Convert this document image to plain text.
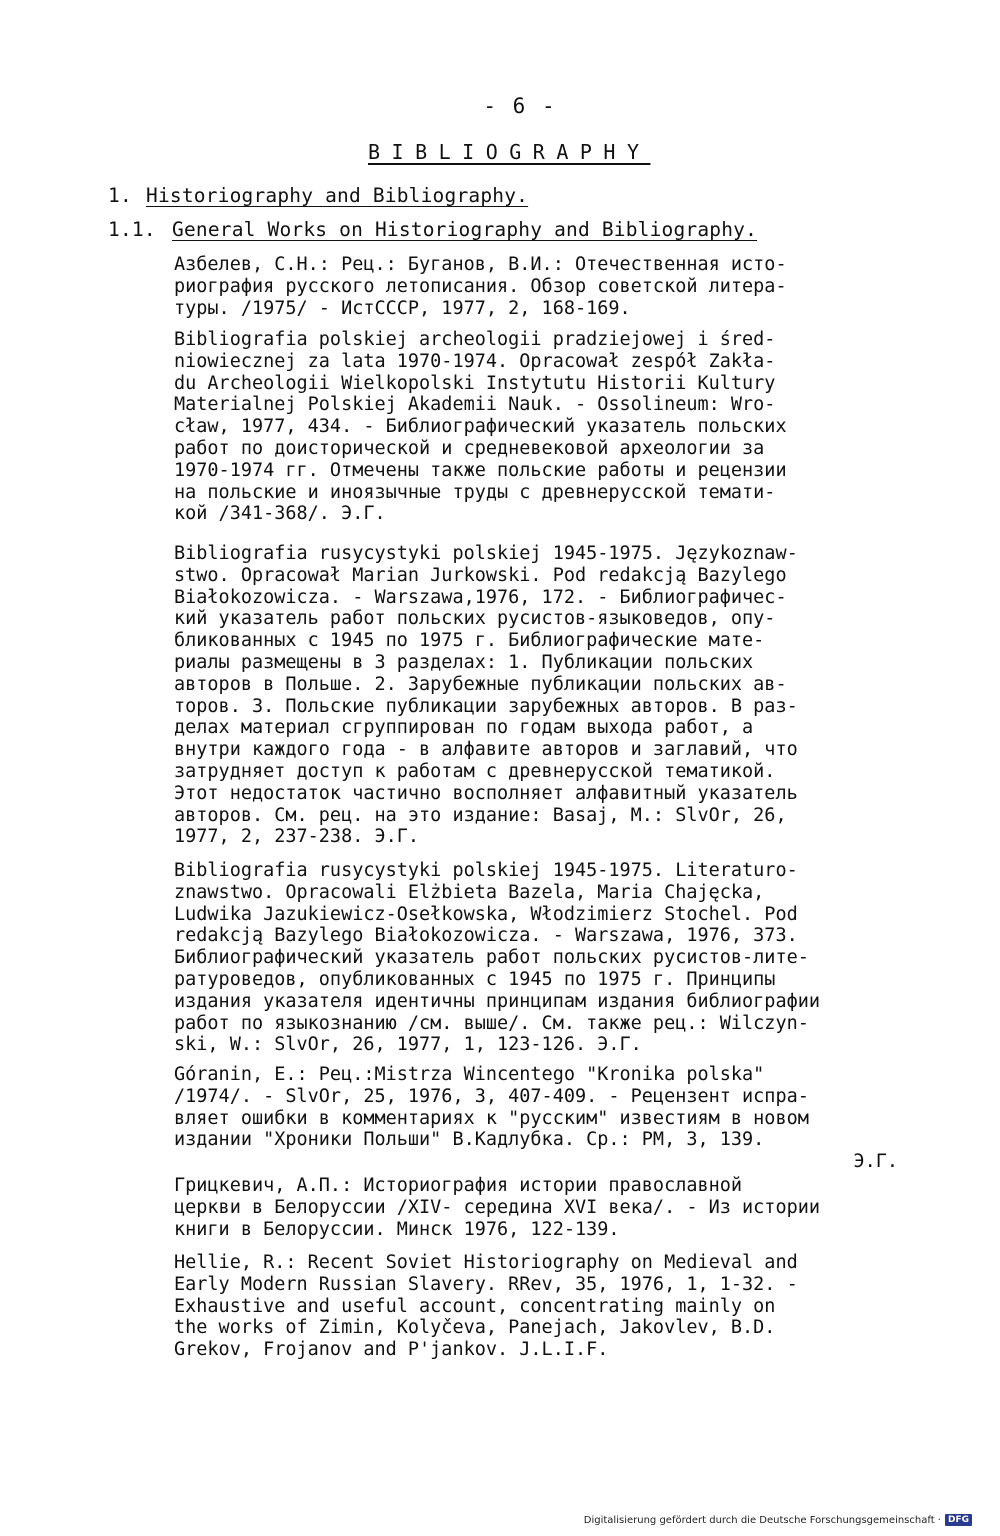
- 6 -
BIBLIOGRAPHY
1. Historiography and Bibliography.
1.1. General Works on Historiography and Bibliography.
Азбелев, С.Н.: Рец.: Буганов, В.И.: Отечественная исто-
риография русского летописания. Обзор советской литера-
туры. /1975/ - ИстСССР, 1977, 2, 168-169.
Bibliografia polskiej archeologii pradziejowej i śred-
niowiecznej za lata 1970-1974. Opracował zespół Zakła-
du Archeologii Wielkopolski Instytutu Historii Kultury
Materialnej Polskiej Akademii Nauk. - Ossolineum: Wro-
cław, 1977, 434. - Библиографический указатель польских
работ по доисторической и средневековой археологии за
1970-1974 гг. Отмечены также польские работы и рецензии
на польские и иноязычные труды с древнерусской темати-
кой /341-368/. Э.Г.
Bibliografia rusycystyki polskiej 1945-1975. Językoznaw-
stwo. Opracował Marian Jurkowski. Pod redakcją Bazylego
Białokozowicza. - Warszawa,1976, 172. - Библиографичес-
кий указатель работ польских русистов-языковедов, опу-
бликованных с 1945 по 1975 г. Библиографические мате-
риалы размещены в 3 разделах: 1. Публикации польских
авторов в Польше. 2. Зарубежные публикации польских ав-
торов. 3. Польские публикации зарубежных авторов. В раз-
делах материал сгруппирован по годам выхода работ, а
внутри каждого года - в алфавите авторов и заглавий, что
затрудняет доступ к работам с древнерусской тематикой.
Этот недостаток частично восполняет алфавитный указатель
авторов. См. рец. на это издание: Basaj, M.: SlvOr, 26,
1977, 2, 237-238. Э.Г.
Bibliografia rusycystyki polskiej 1945-1975. Literaturo-
znawstwo. Opracowali Elżbieta Bazela, Maria Chajęcka,
Ludwika Jazukiewicz-Osełkowska, Włodzimierz Stochel. Pod
redakcją Bazylego Białokozowicza. - Warszawa, 1976, 373.
Библиографический указатель работ польских русистов-лите-
ратуроведов, опубликованных с 1945 по 1975 г. Принципы
издания указателя идентичны принципам издания библиографии
работ по языкознанию /см. выше/. См. также рец.: Wilczyn-
ski, W.: SlvOr, 26, 1977, 1, 123-126. Э.Г.
Góranin, E.: Рец.:Mistrza Wincentego "Kronika polska"
/1974/. - SlvOr, 25, 1976, 3, 407-409. - Рецензент испра-
вляет ошибки в комментариях к "русским" известиям в новом
издании "Хроники Польши" В.Кадлубка. Ср.: РМ, 3, 139.
Э.Г.
Грицкевич, А.П.: Историография истории православной
церкви в Белоруссии /XIV- середина XVI века/. - Из истории
книги в Белоруссии. Минск 1976, 122-139.
Hellie, R.: Recent Soviet Historiography on Medieval and
Early Modern Russian Slavery. RRev, 35, 1976, 1, 1-32. -
Exhaustive and useful account, concentrating mainly on
the works of Zimin, Kolyčeva, Panejach, Jakovlev, B.D.
Grekov, Frojanov and P'jankov. J.L.I.F.
Digitalisierung gefördert durch die Deutsche Forschungsgemeinschaft · DFG
